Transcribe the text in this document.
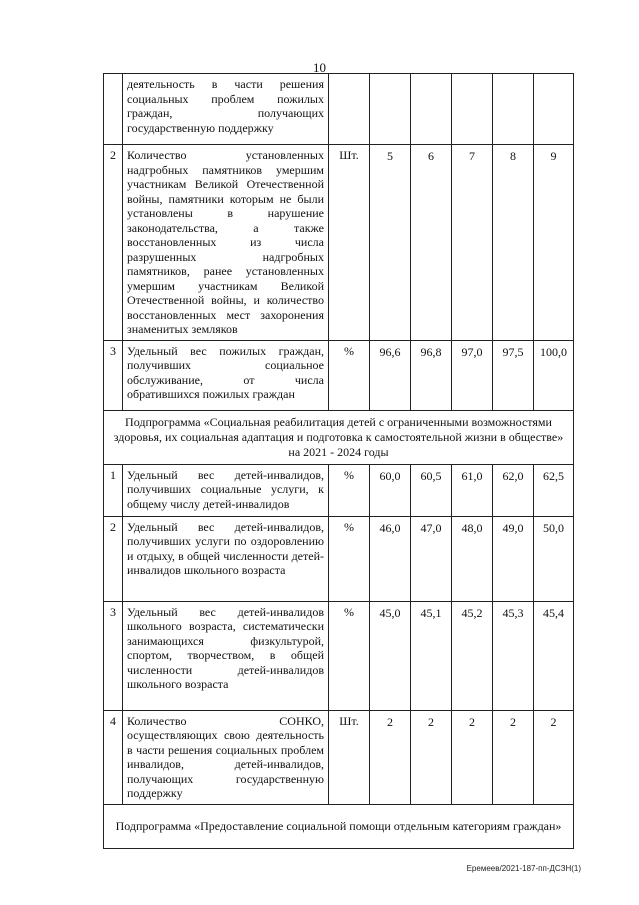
10
	деятельность в части решения социальных проблем пожилых граждан, получающих государственную поддержку						
2	Количество установленных надгробных памятников умершим участникам Великой Отечественной войны, памятники которым не были установлены в нарушение законодательства, а также восстановленных из числа разрушенных надгробных памятников, ранее установленных умершим участникам Великой Отечественной войны, и количество восстановленных мест захоронения знаменитых земляков	Шт.	5	6	7	8	9
3	Удельный вес пожилых граждан, получивших социальное обслуживание, от числа обратившихся пожилых граждан	%	96,6	96,8	97,0	97,5	100,0
Подпрограмма «Социальная реабилитация детей с ограниченными возможностями здоровья, их социальная адаптация и подготовка к самостоятельной жизни в обществе» на 2021 - 2024 годы							
1	Удельный вес детей-инвалидов, получивших социальные услуги, к общему числу детей-инвалидов	%	60,0	60,5	61,0	62,0	62,5
2	Удельный вес детей-инвалидов, получивших услуги по оздоровлению и отдыху, в общей численности детей-инвалидов школьного возраста	%	46,0	47,0	48,0	49,0	50,0
3	Удельный вес детей-инвалидов школьного возраста, систематически занимающихся физкультурой, спортом, творчеством, в общей численности детей-инвалидов школьного возраста	%	45,0	45,1	45,2	45,3	45,4
4	Количество СОНКО, осуществляющих свою деятельность в части решения социальных проблем инвалидов, детей-инвалидов, получающих государственную поддержку	Шт.	2	2	2	2	2
Подпрограмма «Предоставление социальной помощи отдельным категориям граждан»							
Еремеев/2021-187-пп-ДСЗН(1)
